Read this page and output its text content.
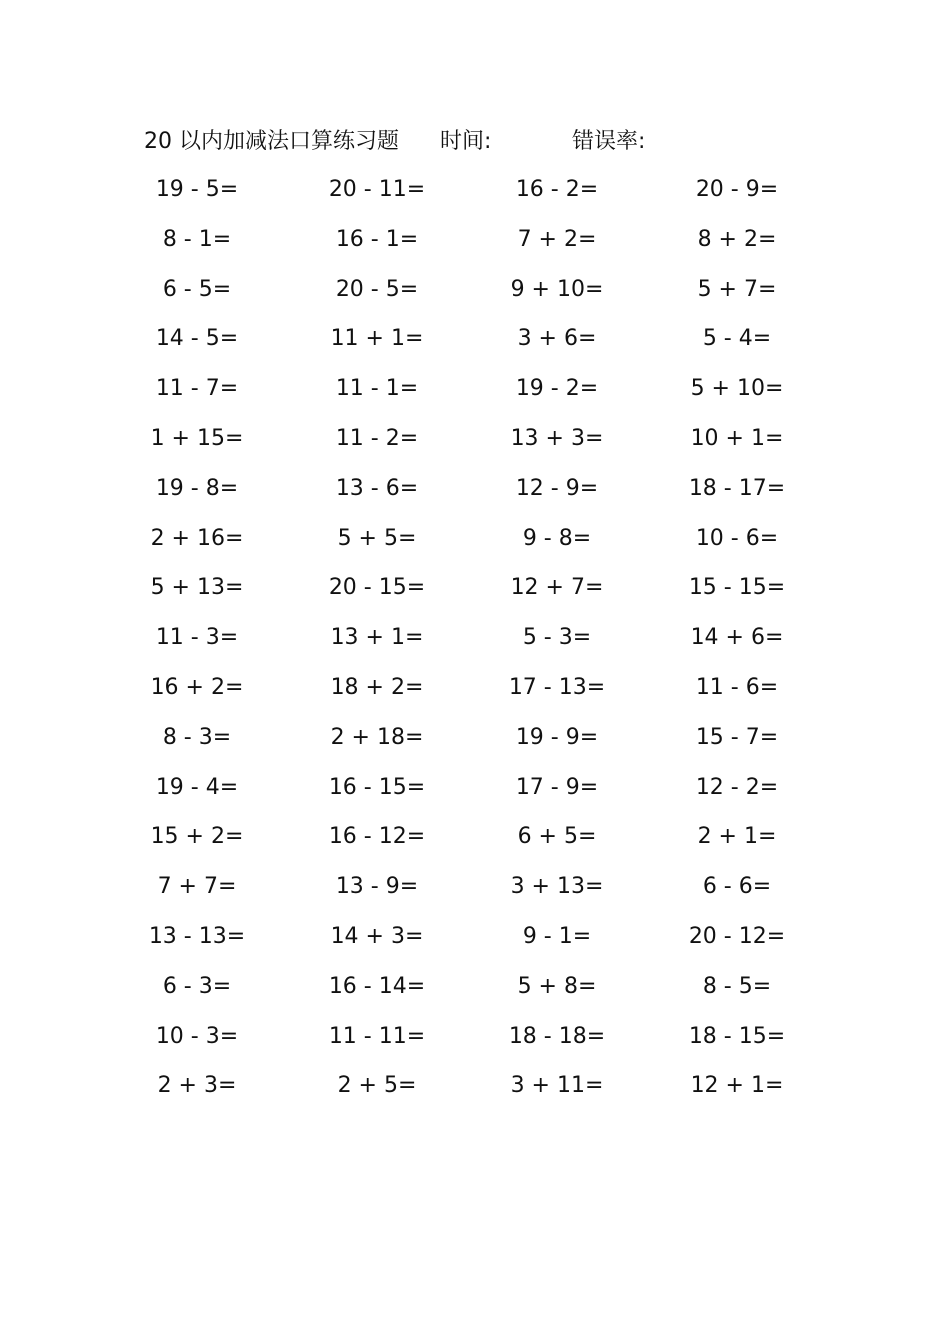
20 以内加减法口算练习题 时间:	错误率:
19 - 5=	20 - 11=	16 - 2=	20 - 9=
8 - 1=	16 - 1=	7 + 2=	8 + 2=
6 - 5=	20 - 5=	9 + 10=	5 + 7=
14 - 5=	11 + 1=	3 + 6=	5 - 4=
11 - 7=	11 - 1=	19 - 2=	5 + 10=
1 + 15=	11 - 2=	13 + 3=	10 + 1=
19 - 8=	13 - 6=	12 - 9=	18 - 17=
2 + 16=	5 + 5=	9 - 8=	10 - 6=
5 + 13=	20 - 15=	12 + 7=	15 - 15=
11 - 3=	13 + 1=	5 - 3=	14 + 6=
16 + 2=	18 + 2=	17 - 13=	11 - 6=
8 - 3=	2 + 18=	19 - 9=	15 - 7=
19 - 4=	16 - 15=	17 - 9=	12 - 2=
15 + 2=	16 - 12=	6 + 5=	2 + 1=
7 + 7=	13 - 9=	3 + 13=	6 - 6=
13 - 13=	14 + 3=	9 - 1=	20 - 12=
6 - 3=	16 - 14=	5 + 8=	8 - 5=
10 - 3=	11 - 11=	18 - 18=	18 - 15=
2 + 3=	2 + 5=	3 + 11=	12 + 1=
